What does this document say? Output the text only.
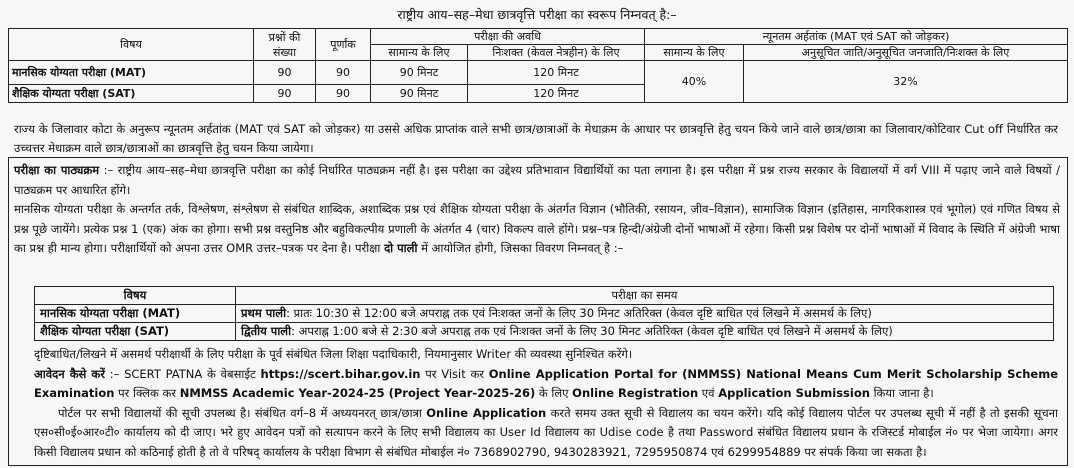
राष्ट्रीय आय–सह–मेधा छात्रवृत्ति परीक्षा का स्वरूप निम्नवत् है:–
विषय	प्रश्नों की संख्या	पूर्णांक	परीक्षा की अवधि		न्यूनतम अर्हतांक (MAT एवं SAT को जोड़कर)	
			सामान्य के लिए	निःशक्त (केवल नेत्रहीन) के लिए	सामान्य के लिए	अनुसूचित जाति/अनुसूचित जनजाति/निःशक्त के लिए
मानसिक योग्यता परीक्षा (MAT)	90	90	90 मिनट	120 मिनट	40%	32%
शैक्षिक योग्यता परीक्षा (SAT)	90	90	90 मिनट	120 मिनट		
राज्य के जिलावार कोटा के अनुरूप न्यूनतम अर्हतांक (MAT एवं SAT को जोड़कर) या उससे अधिक प्राप्तांक वाले सभी छात्र/छात्राओं के मेधाक्रम के आधार पर छात्रवृत्ति हेतु चयन किये जाने वाले छात्र/छात्रा का जिलावार/कोटिवार Cut off निर्धारित कर उच्चत्तर मेधाक्रम वाले छात्र/छात्राओं का छात्रवृत्ति हेतु चयन किया जायेगा।
परीक्षा का पाठ्यक्रम :– राष्ट्रीय आय–सह–मेधा छात्रवृत्ति परीक्षा का कोई निर्धारित पाठ्यक्रम नहीं है। इस परीक्षा का उद्देश्य प्रतिभावान विद्यार्थियों का पता लगाना है। इस परीक्षा में प्रश्न राज्य सरकार के विद्यालयों में वर्ग VIII में पढ़ाए जाने वाले विषयों / पाठ्यक्रम पर आधारित होंगे।
मानसिक योग्यता परीक्षा के अन्तर्गत तर्क, विश्लेषण, संश्लेषण से संबंधित शाब्दिक, अशाब्दिक प्रश्न एवं शैक्षिक योग्यता परीक्षा के अंतर्गत विज्ञान (भौतिकी, रसायन, जीव–विज्ञान), सामाजिक विज्ञान (इतिहास, नागरिकशास्त्र एवं भूगोल) एवं गणित विषय से प्रश्न पूछे जायेंगे। प्रत्येक प्रश्न 1 (एक) अंक का होगा। सभी प्रश्न वस्तुनिष्ठ और बहुविकल्पीय प्रणाली के अंतर्गत 4 (चार) विकल्प वाले होंगे। प्रश्न–पत्र हिन्दी/अंग्रेजी दोनों भाषाओं में रहेगा। किसी प्रश्न विशेष पर दोनों भाषाओं में विवाद के स्थिति में अंग्रेजी भाषा का प्रश्न ही मान्य होगा। परीक्षार्थियों को अपना उत्तर OMR उत्तर–पत्रक पर देना है। परीक्षा दो पाली में आयोजित होगी, जिसका विवरण निम्नवत् है :–
विषय	परीक्षा का समय
मानसिक योग्यता परीक्षा (MAT)	प्रथम पाली: प्रातः 10:30 से 12:00 बजे अपराह्न तक एवं निःशक्त जनों के लिए 30 मिनट अतिरिक्त (केवल दृष्टि बाधित एवं लिखने में असमर्थ के लिए)
शैक्षिक योग्यता परीक्षा (SAT)	द्वितीय पाली: अपराह्न 1:00 बजे से 2:30 बजे अपराह्न तक एवं निःशक्त जनों के लिए 30 मिनट अतिरिक्त (केवल दृष्टि बाधित एवं लिखने में असमर्थ के लिए)
दृष्टिबाधित/लिखने में असमर्थ परीक्षार्थी के लिए परीक्षा के पूर्व संबंधित जिला शिक्षा पदाधिकारी, नियमानुसार Writer की व्यवस्था सुनिश्चित करेंगे।
आवेदन कैसे करें :– SCERT PATNA के वेबसाईट https://scert.bihar.gov.in पर Visit कर Online Application Portal for (NMMSS) National Means Cum Merit Scholarship Scheme Examination पर क्लिक कर NMMSS Academic Year-2024-25 (Project Year-2025-26) के लिए Online Registration एवं Application Submission किया जाना है।
पोर्टल पर सभी विद्यालयों की सूची उपलब्ध है। संबंधित वर्ग–8 में अध्ययनरत् छात्र/छात्रा Online Application करते समय उक्त सूची से विद्यालय का चयन करेंगे। यदि कोई विद्यालय पोर्टल पर उपलब्ध सूची में नहीं है तो इसकी सूचना एस०सी०ई०आर०टी० कार्यालय को दी जाए। भरे हुए आवेदन पत्रों को सत्यापन करने के लिए सभी विद्यालय का User Id विद्यालय का Udise code है तथा Password संबंधित विद्यालय प्रधान के रजिस्टर्ड मोबाईल नं० पर भेजा जायेगा। अगर किसी विद्यालय प्रधान को कठिनाई होती है तो वे परिषद् कार्यालय के परीक्षा विभाग से संबंधित मोबाईल नं० 7368902790, 9430283921, 7295950874 एवं 6299954889 पर संपर्क किया जा सकता है।
